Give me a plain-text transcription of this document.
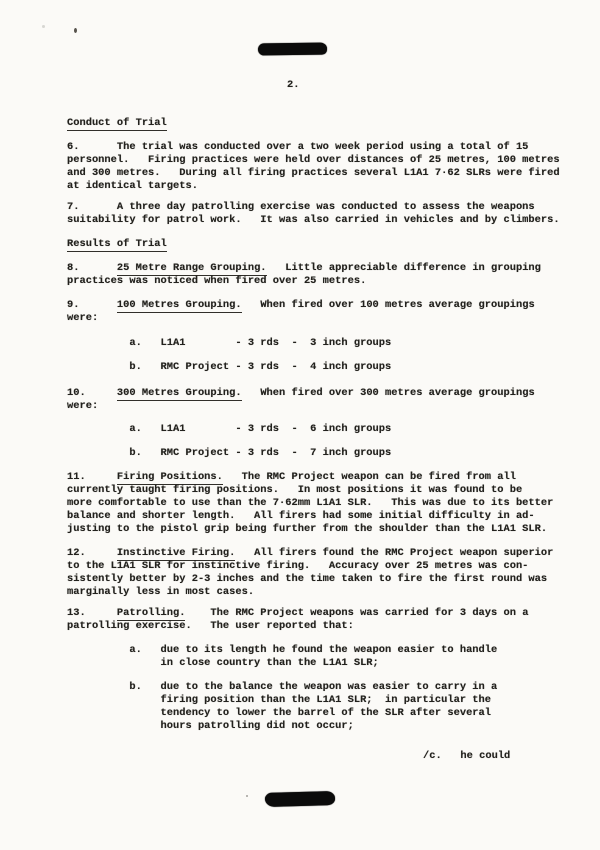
2.
Conduct of Trial
6.      The trial was conducted over a two week period using a total of 15
personnel.   Firing practices were held over distances of 25 metres, 100 metres
and 300 metres.   During all firing practices several L1A1 7·62 SLRs were fired
at identical targets.
7.      A three day patrolling exercise was conducted to assess the weapons
suitability for patrol work.   It was also carried in vehicles and by climbers.
Results of Trial
8.      25 Metre Range Grouping.   Little appreciable difference in grouping
practices was noticed when fired over 25 metres.
9.      100 Metres Grouping.   When fired over 100 metres average groupings
were:
a.   L1A1        - 3 rds  -  3 inch groups
b.   RMC Project - 3 rds  -  4 inch groups
10.     300 Metres Grouping.   When fired over 300 metres average groupings
were:
a.   L1A1        - 3 rds  -  6 inch groups
b.   RMC Project - 3 rds  -  7 inch groups
11.     Firing Positions.   The RMC Project weapon can be fired from all
currently taught firing positions.   In most positions it was found to be
more comfortable to use than the 7·62mm L1A1 SLR.   This was due to its better
balance and shorter length.   All firers had some initial difficulty in ad-
justing to the pistol grip being further from the shoulder than the L1A1 SLR.
12.     Instinctive Firing.   All firers found the RMC Project weapon superior
to the L1A1 SLR for instinctive firing.   Accuracy over 25 metres was con-
sistently better by 2-3 inches and the time taken to fire the first round was
marginally less in most cases.
13.     Patrolling.    The RMC Project weapons was carried for 3 days on a
patrolling exercise.   The user reported that:
a.   due to its length he found the weapon easier to handle
in close country than the L1A1 SLR;
b.   due to the balance the weapon was easier to carry in a
firing position than the L1A1 SLR;  in particular the
tendency to lower the barrel of the SLR after several
hours patrolling did not occur;
/c.   he could
